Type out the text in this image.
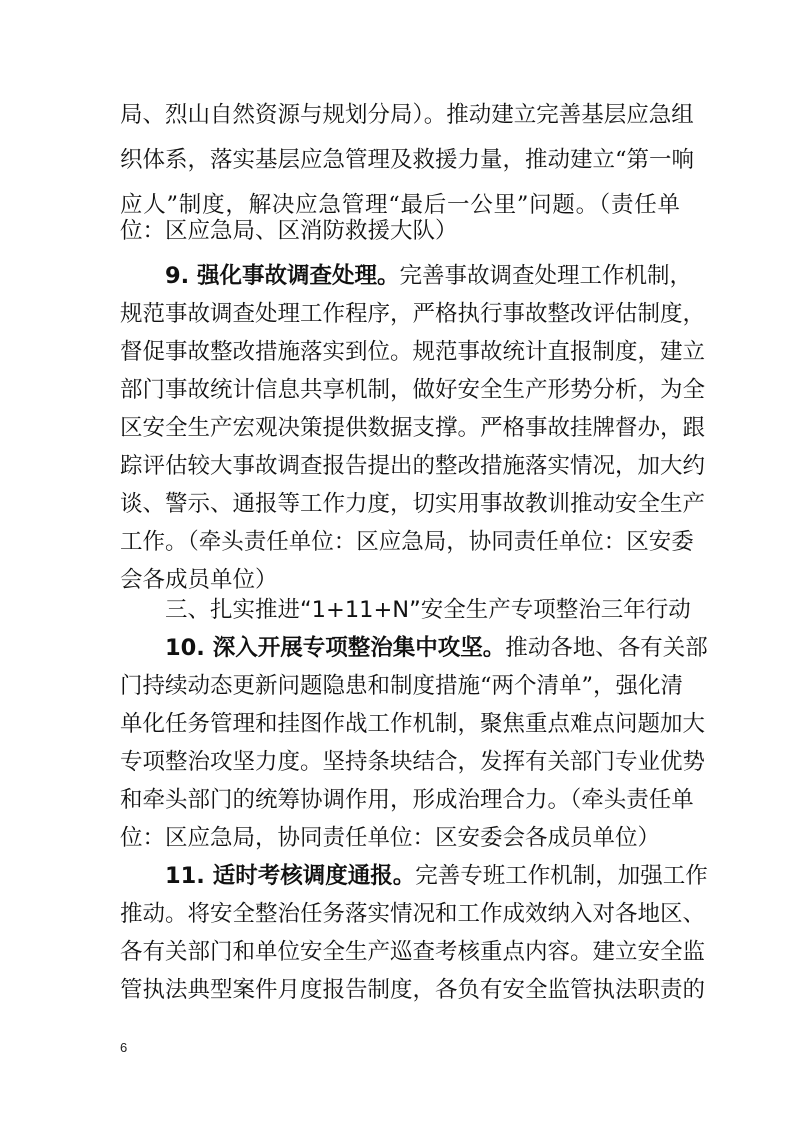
局、烈山自然资源与规划分局）。推动建立完善基层应急组
织体系，落实基层应急管理及救援力量，推动建立“第一响
应人”制度，解决应急管理“最后一公里”问题。（责任单
位：区应急局、区消防救援大队）
9. 强化事故调查处理。完善事故调查处理工作机制，
规范事故调查处理工作程序，严格执行事故整改评估制度，
督促事故整改措施落实到位。规范事故统计直报制度，建立
部门事故统计信息共享机制，做好安全生产形势分析，为全
区安全生产宏观决策提供数据支撑。严格事故挂牌督办，跟
踪评估较大事故调查报告提出的整改措施落实情况，加大约
谈、警示、通报等工作力度，切实用事故教训推动安全生产
工作。（牵头责任单位：区应急局，协同责任单位：区安委
会各成员单位）
三、扎实推进“1+11+N”安全生产专项整治三年行动
10. 深入开展专项整治集中攻坚。推动各地、各有关部
门持续动态更新问题隐患和制度措施“两个清单”，强化清
单化任务管理和挂图作战工作机制，聚焦重点难点问题加大
专项整治攻坚力度。坚持条块结合，发挥有关部门专业优势
和牵头部门的统筹协调作用，形成治理合力。（牵头责任单
位：区应急局，协同责任单位：区安委会各成员单位）
11. 适时考核调度通报。完善专班工作机制，加强工作
推动。将安全整治任务落实情况和工作成效纳入对各地区、
各有关部门和单位安全生产巡查考核重点内容。建立安全监
管执法典型案件月度报告制度，各负有安全监管执法职责的
6
